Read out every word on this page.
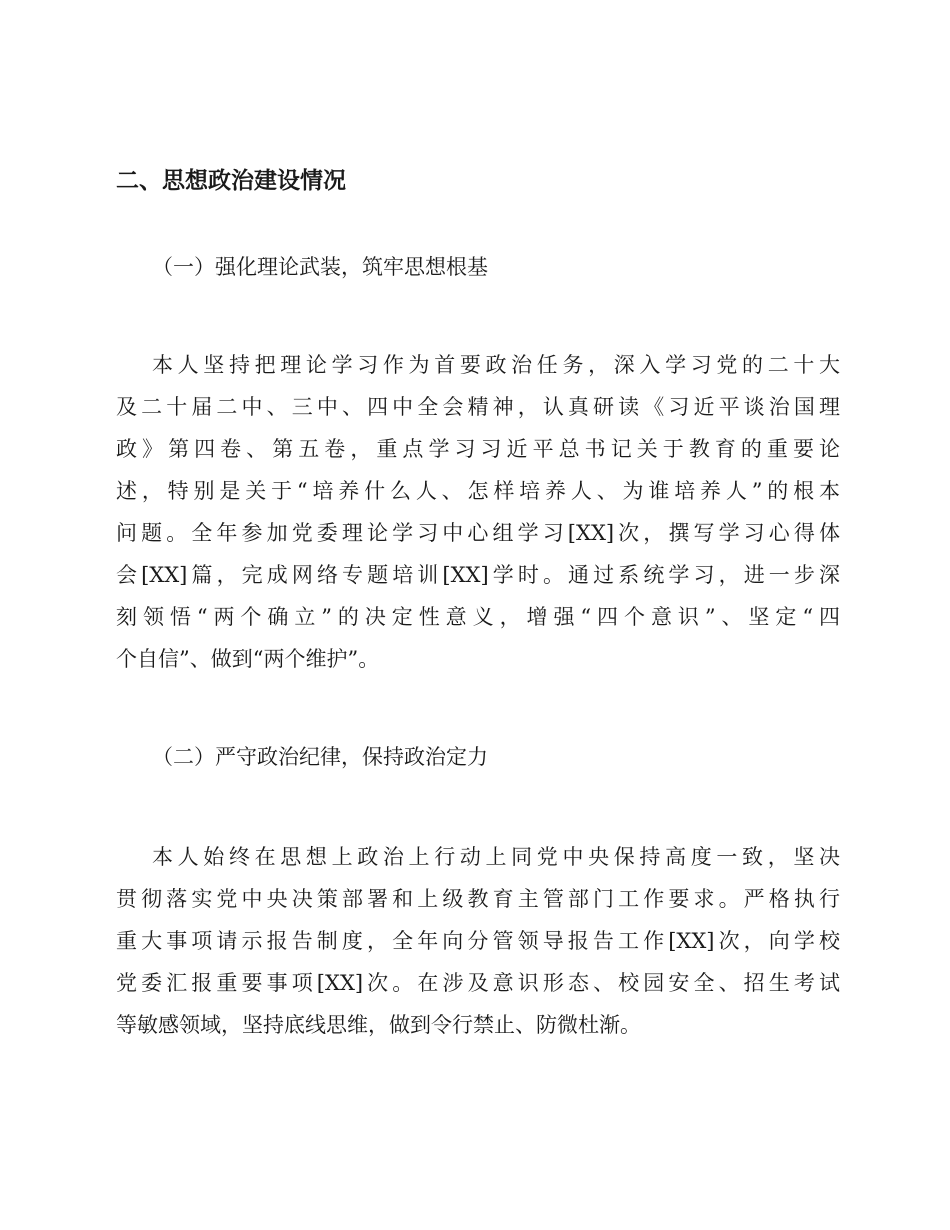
二、思想政治建设情况

（一）强化理论武装，筑牢思想根基

本人坚持把理论学习作为首要政治任务，深入学习党的二十大
及二十届二中、三中、四中全会精神，认真研读《习近平谈治国理
政》第四卷、第五卷，重点学习习近平总书记关于教育的重要论
述，特别是关于“培养什么人、怎样培养人、为谁培养人”的根本
问题。全年参加党委理论学习中心组学习[XX]次，撰写学习心得体
会[XX]篇，完成网络专题培训[XX]学时。通过系统学习，进一步深
刻领悟“两个确立”的决定性意义，增强“四个意识”、坚定“四
个自信”、做到“两个维护”。

（二）严守政治纪律，保持政治定力

本人始终在思想上政治上行动上同党中央保持高度一致，坚决
贯彻落实党中央决策部署和上级教育主管部门工作要求。严格执行
重大事项请示报告制度，全年向分管领导报告工作[XX]次，向学校
党委汇报重要事项[XX]次。在涉及意识形态、校园安全、招生考试
等敏感领域，坚持底线思维，做到令行禁止、防微杜渐。
